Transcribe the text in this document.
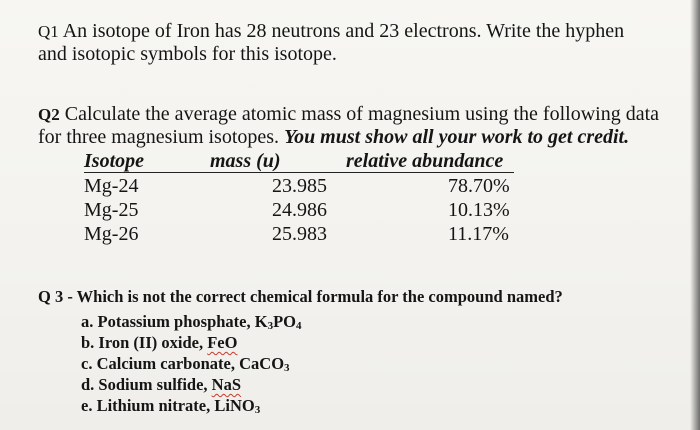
Q1 An isotope of Iron has 28 neutrons and 23 electrons. Write the hyphen
and isotopic symbols for this isotope.
Q2 Calculate the average atomic mass of magnesium using the following data
for three magnesium isotopes. You must show all your work to get credit.
Isotope	mass (u)	relative abundance
Mg-24	23.985	78.70%
Mg-25	24.986	10.13%
Mg-26	25.983	11.17%
Q 3 - Which is not the correct chemical formula for the compound named?
a. Potassium phosphate, $K_3PO_4$
b. Iron (II) oxide, FeO
c. Calcium carbonate, CaCO$_3$
d. Sodium sulfide, NaS
e. Lithium nitrate, LiNO$_3$
